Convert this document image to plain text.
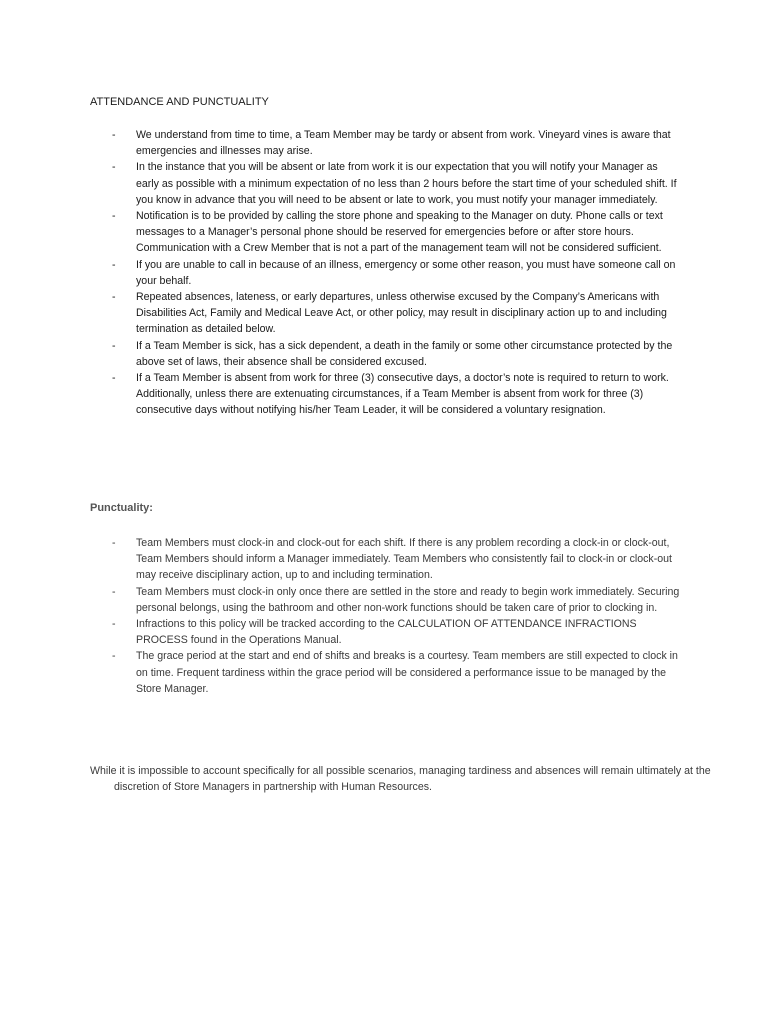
ATTENDANCE AND PUNCTUALITY
- We understand from time to time, a Team Member may be tardy or absent from work. Vineyard vines is aware that emergencies and illnesses may arise.
- In the instance that you will be absent or late from work it is our expectation that you will notify your Manager as early as possible with a minimum expectation of no less than 2 hours before the start time of your scheduled shift. If you know in advance that you will need to be absent or late to work, you must notify your manager immediately.
- Notification is to be provided by calling the store phone and speaking to the Manager on duty. Phone calls or text messages to a Manager’s personal phone should be reserved for emergencies before or after store hours. Communication with a Crew Member that is not a part of the management team will not be considered sufficient.
- If you are unable to call in because of an illness, emergency or some other reason, you must have someone call on your behalf.
- Repeated absences, lateness, or early departures, unless otherwise excused by the Company’s Americans with Disabilities Act, Family and Medical Leave Act, or other policy, may result in disciplinary action up to and including termination as detailed below.
- If a Team Member is sick, has a sick dependent, a death in the family or some other circumstance protected by the above set of laws, their absence shall be considered excused.
- If a Team Member is absent from work for three (3) consecutive days, a doctor’s note is required to return to work. Additionally, unless there are extenuating circumstances, if a Team Member is absent from work for three (3) consecutive days without notifying his/her Team Leader, it will be considered a voluntary resignation.
Punctuality:
- Team Members must clock-in and clock-out for each shift. If there is any problem recording a clock-in or clock-out, Team Members should inform a Manager immediately. Team Members who consistently fail to clock-in or clock-out may receive disciplinary action, up to and including termination.
- Team Members must clock-in only once there are settled in the store and ready to begin work immediately. Securing personal belongs, using the bathroom and other non-work functions should be taken care of prior to clocking in.
- Infractions to this policy will be tracked according to the CALCULATION OF ATTENDANCE INFRACTIONS PROCESS found in the Operations Manual.
- The grace period at the start and end of shifts and breaks is a courtesy. Team members are still expected to clock in on time. Frequent tardiness within the grace period will be considered a performance issue to be managed by the Store Manager.
While it is impossible to account specifically for all possible scenarios, managing tardiness and absences will remain ultimately at the discretion of Store Managers in partnership with Human Resources.
